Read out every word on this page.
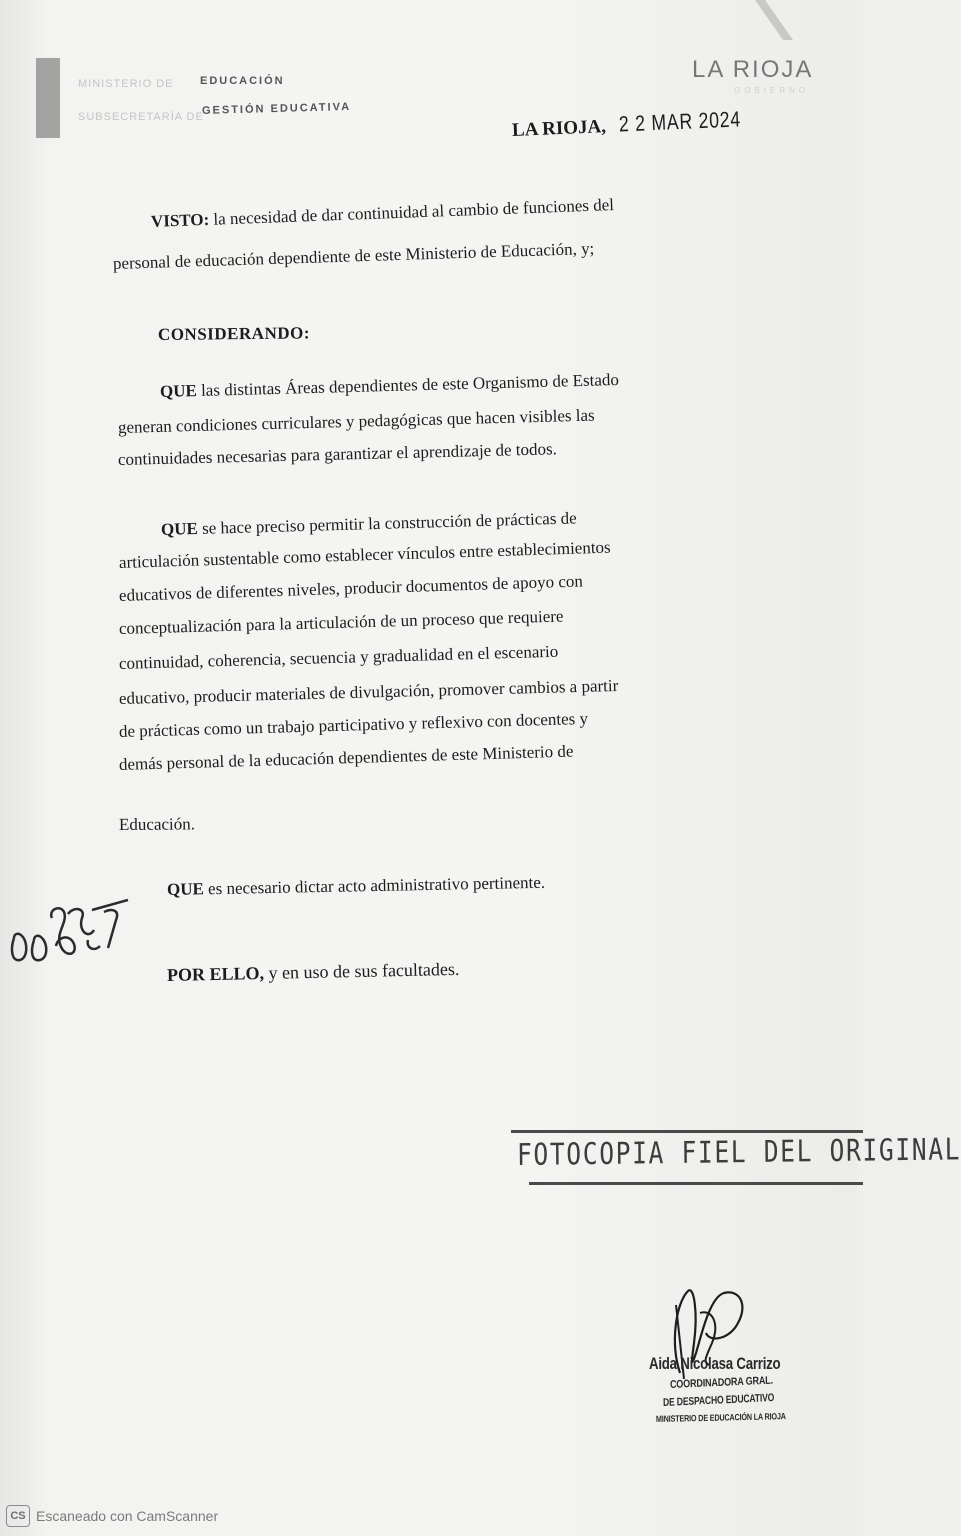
MINISTERIO DE EDUCACIÓN
SUBSECRETARÍA DE
GESTIÓN EDUCATIVA
LA RIOJA
GOBIERNO
LA RIOJA, 2 2 MAR 2024
VISTO: la necesidad de dar continuidad al cambio de funciones del
personal de educación dependiente de este Ministerio de Educación, y;
CONSIDERANDO:
QUE las distintas Áreas dependientes de este Organismo de Estado
generan condiciones curriculares y pedagógicas que hacen visibles las
continuidades necesarias para garantizar el aprendizaje de todos.
QUE se hace preciso permitir la construcción de prácticas de
articulación sustentable como establecer vínculos entre establecimientos
educativos de diferentes niveles, producir documentos de apoyo con
conceptualización para la articulación de un proceso que requiere
continuidad, coherencia, secuencia y gradualidad en el escenario
educativo, producir materiales de divulgación, promover cambios a partir
de prácticas como un trabajo participativo y reflexivo con docentes y
demás personal de la educación dependientes de este Ministerio de
Educación.
QUE es necesario dictar acto administrativo pertinente.
POR ELLO, y en uso de sus facultades.
FOTOCOPIA FIEL DEL ORIGINAL
Aida Nicolasa Carrizo
COORDINADORA GRAL.
DE DESPACHO EDUCATIVO
MINISTERIO DE EDUCACIÓN LA RIOJA
CS Escaneado con CamScanner
